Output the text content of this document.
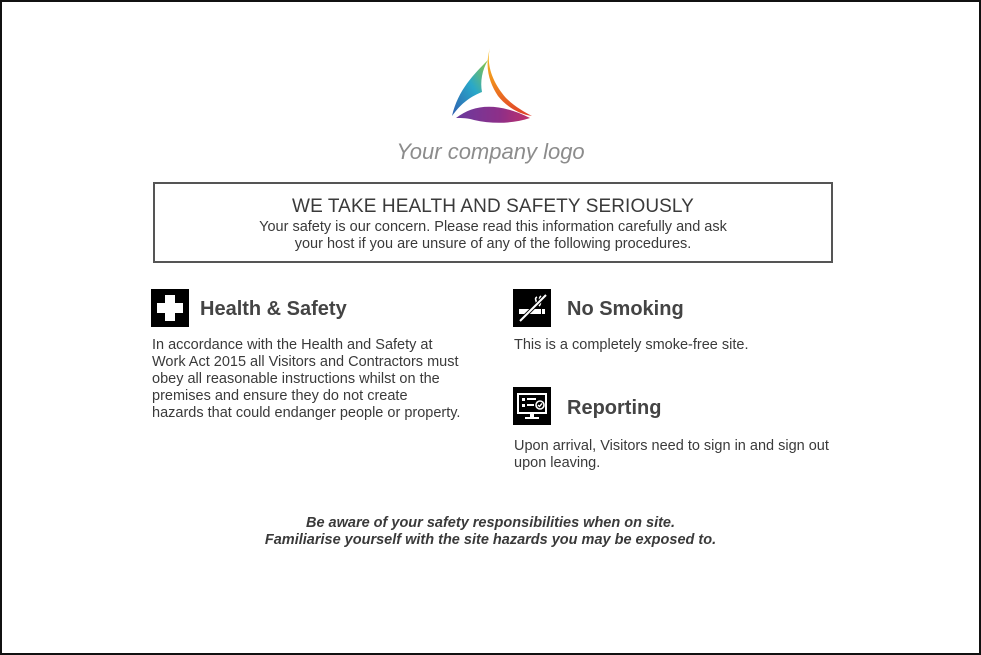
Your company logo
WE TAKE HEALTH AND SAFETY SERIOUSLY
Your safety is our concern. Please read this information carefully and ask
your host if you are unsure of any of the following procedures.
Health & Safety
In accordance with the Health and Safety at
Work Act 2015 all Visitors and Contractors must
obey all reasonable instructions whilst on the
premises and ensure they do not create
hazards that could endanger people or property.
No Smoking
This is a completely smoke-free site.
Reporting
Upon arrival, Visitors need to sign in and sign out
upon leaving.
Be aware of your safety responsibilities when on site.
Familiarise yourself with the site hazards you may be exposed to.
